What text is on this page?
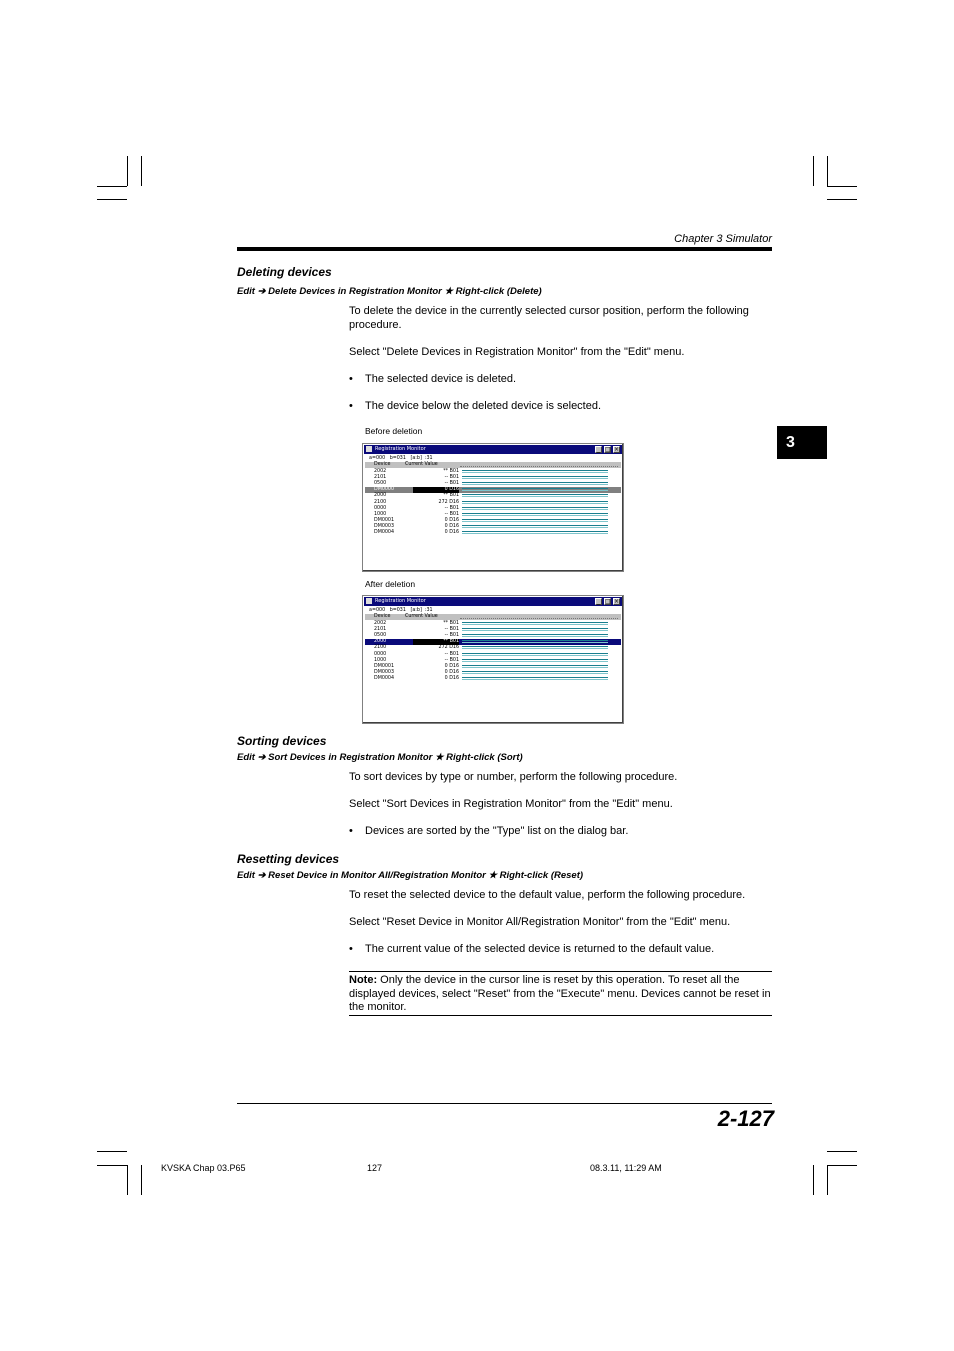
Chapter 3 Simulator
3
Deleting devices
Edit ➔ Delete Devices in Registration Monitor ★ Right-click (Delete)
To delete the device in the currently selected cursor position, perform the following procedure.
Select "Delete Devices in Registration Monitor" from the "Edit" menu.
• The selected device is deleted.
• The device below the deleted device is selected.
Before deletion
Registration Monitor	_ □ ×
a=000   b=031   [a:b]  :31
Device	Current Value
2002	** B01
2101	-- B01
0500	-- B01
DM0000	0 D16
2000	** B01
2100	272 D16
0000	-- B01
1000	-- B01
DM0001	0 D16
DM0003	0 D16
DM0004	0 D16
After deletion
Registration Monitor	_ □ ×
a=000   b=031   [a:b]  :31
Device	Current Value
2002	** B01
2101	-- B01
0500	-- B01
2000	** B01
2100	272 D16
0000	-- B01
1000	-- B01
DM0001	0 D16
DM0003	0 D16
DM0004	0 D16
Sorting devices
Edit ➔ Sort Devices in Registration Monitor ★ Right-click (Sort)
To sort devices by type or number, perform the following procedure.
Select "Sort Devices in Registration Monitor" from the "Edit" menu.
• Devices are sorted by the "Type" list on the dialog bar.
Resetting devices
Edit ➔ Reset Device in Monitor All/Registration Monitor ★ Right-click (Reset)
To reset the selected device to the default value, perform the following procedure.
Select "Reset Device in Monitor All/Registration Monitor" from the "Edit" menu.
• The current value of the selected device is returned to the default value.
Note: Only the device in the cursor line is reset by this operation. To reset all the displayed devices, select "Reset" from the "Execute" menu. Devices cannot be reset in the monitor.
2-127
KVSKA Chap 03.P65	127	08.3.11, 11:29 AM
